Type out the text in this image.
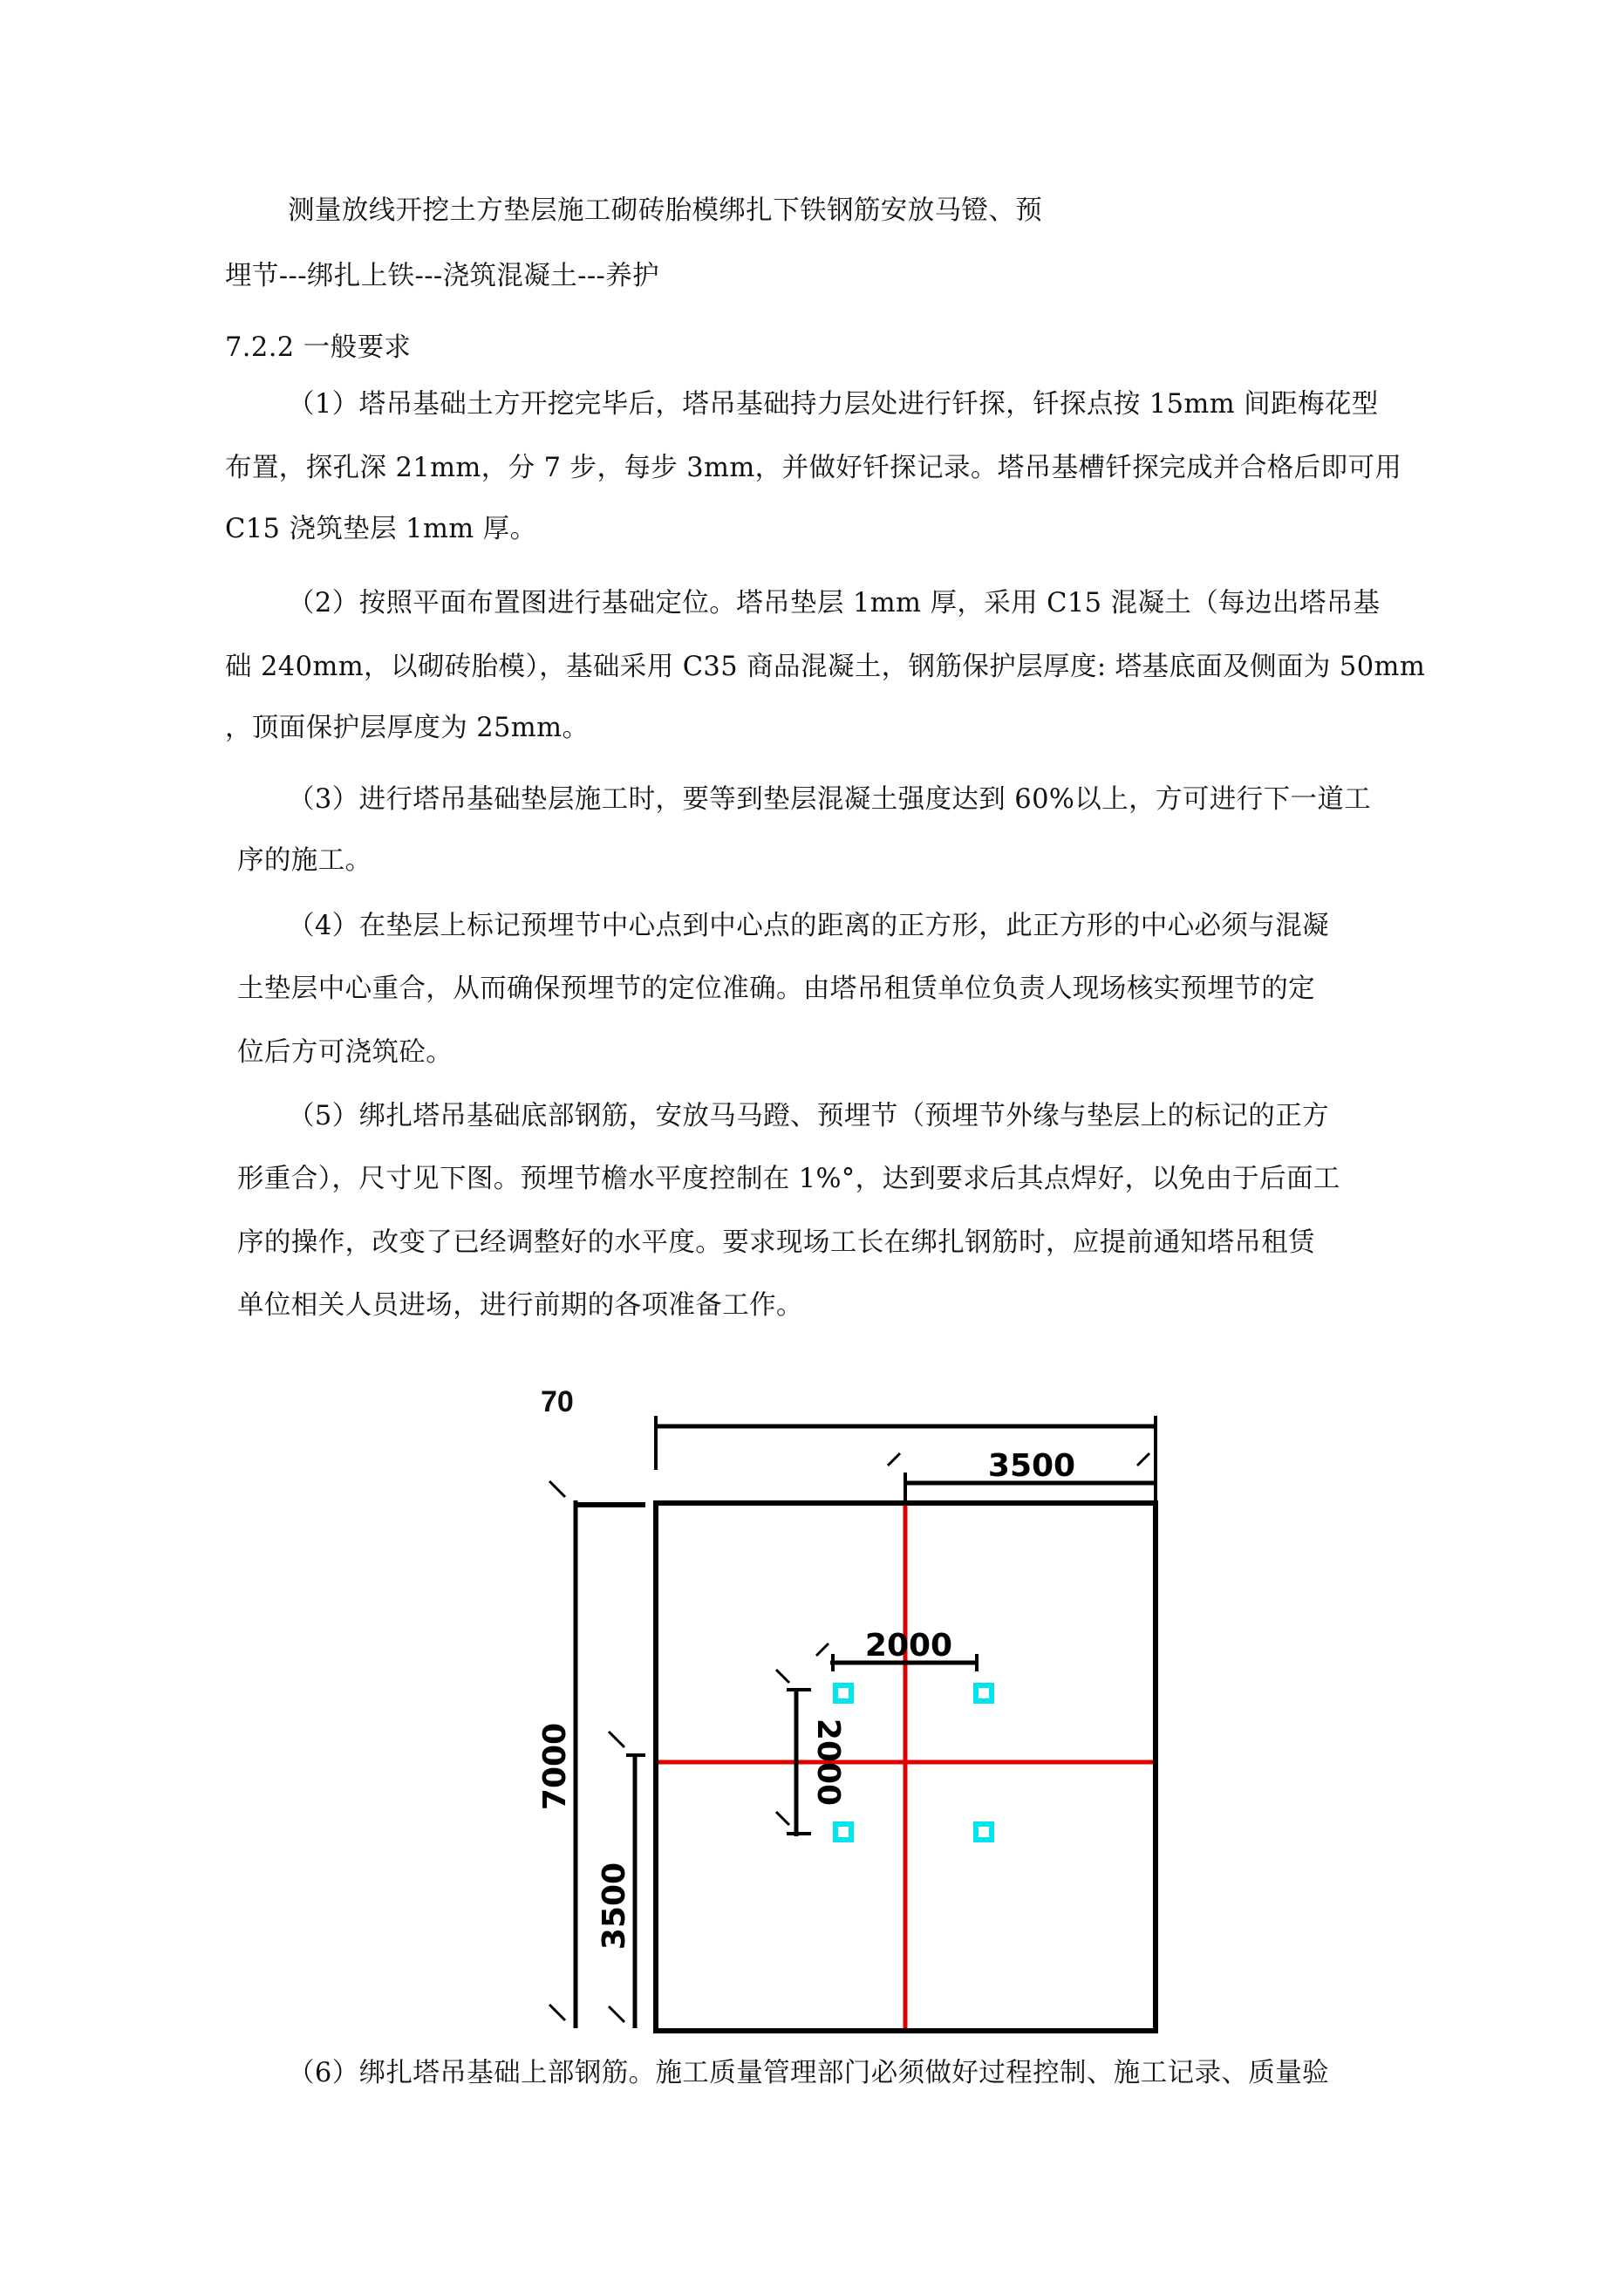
测量放线开挖土方垫层施工砌砖胎模绑扎下铁钢筋安放马镫、预
埋节---绑扎上铁---浇筑混凝土---养护
7.2.2 一般要求
（1）塔吊基础土方开挖完毕后，塔吊基础持力层处进行钎探，钎探点按 15mm 间距梅花型
布置，探孔深 21mm，分 7 步，每步 3mm，并做好钎探记录。塔吊基槽钎探完成并合格后即可用
C15 浇筑垫层 1mm 厚。
（2）按照平面布置图进行基础定位。塔吊垫层 1mm 厚，采用 C15 混凝土（每边出塔吊基
础 240mm，以砌砖胎模），基础采用 C35 商品混凝土，钢筋保护层厚度: 塔基底面及侧面为 50mm
，顶面保护层厚度为 25mm。
（3）进行塔吊基础垫层施工时，要等到垫层混凝土强度达到 60%以上，方可进行下一道工
序的施工。
（4）在垫层上标记预埋节中心点到中心点的距离的正方形，此正方形的中心必须与混凝
土垫层中心重合，从而确保预埋节的定位准确。由塔吊租赁单位负责人现场核实预埋节的定
位后方可浇筑砼。
（5）绑扎塔吊基础底部钢筋，安放马马蹬、预埋节（预埋节外缘与垫层上的标记的正方
形重合），尺寸见下图。预埋节檐水平度控制在 1%°，达到要求后其点焊好，以免由于后面工
序的操作，改变了已经调整好的水平度。要求现场工长在绑扎钢筋时，应提前通知塔吊租赁
单位相关人员进场，进行前期的各项准备工作。
70
3500
7000
3500
2000
2000
（6）绑扎塔吊基础上部钢筋。施工质量管理部门必须做好过程控制、施工记录、质量验
